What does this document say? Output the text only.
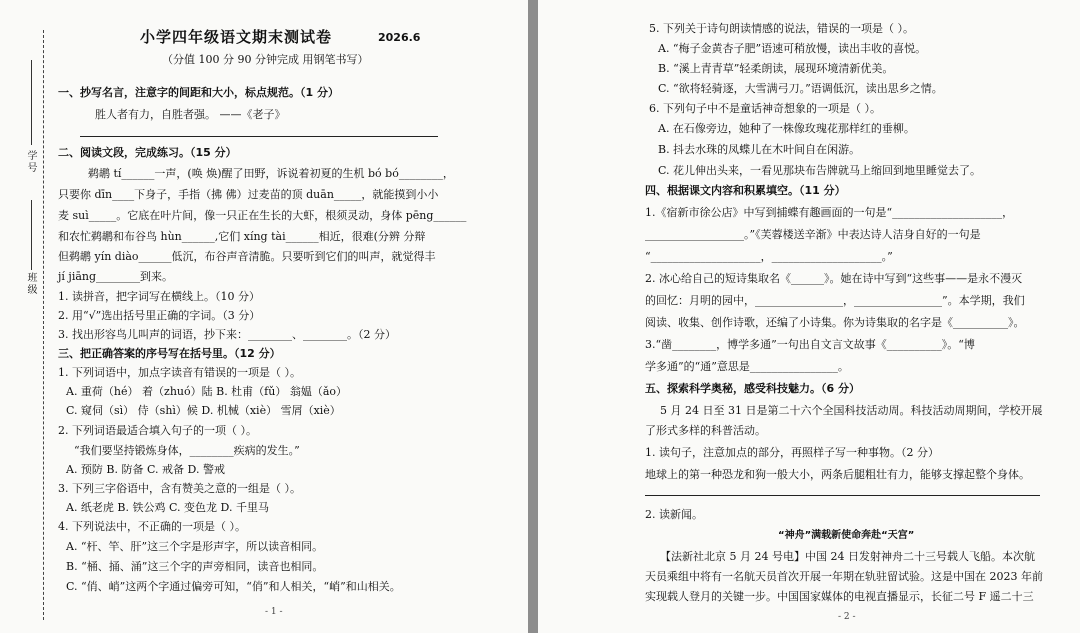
学号
班级
小学四年级语文期末测试卷	2026.6
（分值 100 分 90 分钟完成 用钢笔书写）
一、抄写名言，注意字的间距和大小，标点规范。（1 分）
胜人者有力，自胜者强。 ——《老子》
二、阅读文段，完成练习。（15 分）
鹈鹕 tí______一声，(唤 焕)醒了田野，诉说着初夏的生机 bó bó________，
只要你 dīn____下身子，手指（拂 佛）过麦苗的顶 duān_____，就能摸到小小
麦 suì_____。它底在叶片间，像一只正在生长的大虾，根须灵动，身体 pēng______
和农忙鹈鹕和布谷鸟 hùn______,它们 xíng tài______相近，很难(分辨 分辩
但鹈鹕 yín diào______低沉，布谷声音清脆。只要听到它们的叫声，就觉得丰
jí jiāng________到来。
1. 读拼音，把字词写在横线上。（10 分）
2. 用“√”选出括号里正确的字词。（3 分）
3. 找出形容鸟儿叫声的词语，抄下来：________、________。（2 分）
三、把正确答案的序号写在括号里。（12 分）
1. 下列词语中，加点字读音有错误的一项是（ ）。
A. 重荷（hé） 着（zhuó）陆 B. 杜甫（fǔ） 翁媪（ǎo）
C. 窥伺（sì） 侍（shì）候 D. 机械（xiè） 雪屑（xiè）
2. 下列词语最适合填入句子的一项（ ）。
“我们要坚持锻炼身体，________疾病的发生。”
A. 预防 B. 防备 C. 戒备 D. 警戒
3. 下列三字俗语中，含有赞美之意的一组是（ ）。
A. 纸老虎 B. 铁公鸡 C. 变色龙 D. 千里马
4. 下列说法中，不正确的一项是（ ）。
A. “杆、竿、肝”这三个字是形声字，所以读音相同。
B. “桶、捅、涌”这三个字的声旁相同，读音也相同。
C. “俏、峭”这两个字通过偏旁可知，“俏”和人相关，“峭”和山相关。
- 1 -
5. 下列关于诗句朗读情感的说法，错误的一项是（ ）。
A. “梅子金黄杏子肥”语速可稍放慢，读出丰收的喜悦。
B. “溪上青青草”轻柔朗读，展现环境清新优美。
C. “欲将轻骑逐，大雪满弓刀。”语调低沉，读出思乡之情。
6. 下列句子中不是童话神奇想象的一项是（ ）。
A. 在石像旁边，她种了一株像玫瑰花那样红的垂柳。
B. 抖去水珠的凤蝶儿在木叶间自在闲游。
C. 花儿伸出头来，一看见那块布告牌就马上缩回到地里睡觉去了。
四、根据课文内容和积累填空。（11 分）
1.《宿新市徐公店》中写到捕蝶有趣画面的一句是“____________________，
__________________。”《芙蓉楼送辛渐》中表达诗人洁身自好的一句是
“____________________，____________________。”
2. 冰心给自己的短诗集取名《______》。她在诗中写到“这些事——是永不漫灭
的回忆：月明的园中，________________，________________”。本学期，我们
阅读、收集、创作诗歌，还编了小诗集。你为诗集取的名字是《__________》。
3.“凿________，博学多通”一句出自文言文故事《__________》。“博
学多通”的“通”意思是________________。
五、探索科学奥秘，感受科技魅力。（6 分）
5 月 24 日至 31 日是第二十六个全国科技活动周。科技活动周期间，学校开展
了形式多样的科普活动。
1. 读句子，注意加点的部分，再照样子写一种事物。（2 分）
地球上的第一种恐龙和狗一般大小，两条后腿粗壮有力，能够支撑起整个身体。
2. 读新闻。
“神舟”满载新使命奔赴“天宫”
【法新社北京 5 月 24 号电】中国 24 日发射神舟二十三号载人飞船。本次航
天员乘组中将有一名航天员首次开展一年期在轨驻留试验。这是中国在 2023 年前
实现载人登月的关键一步。中国国家媒体的电视直播显示，长征二号 F 遥二十三
- 2 -
